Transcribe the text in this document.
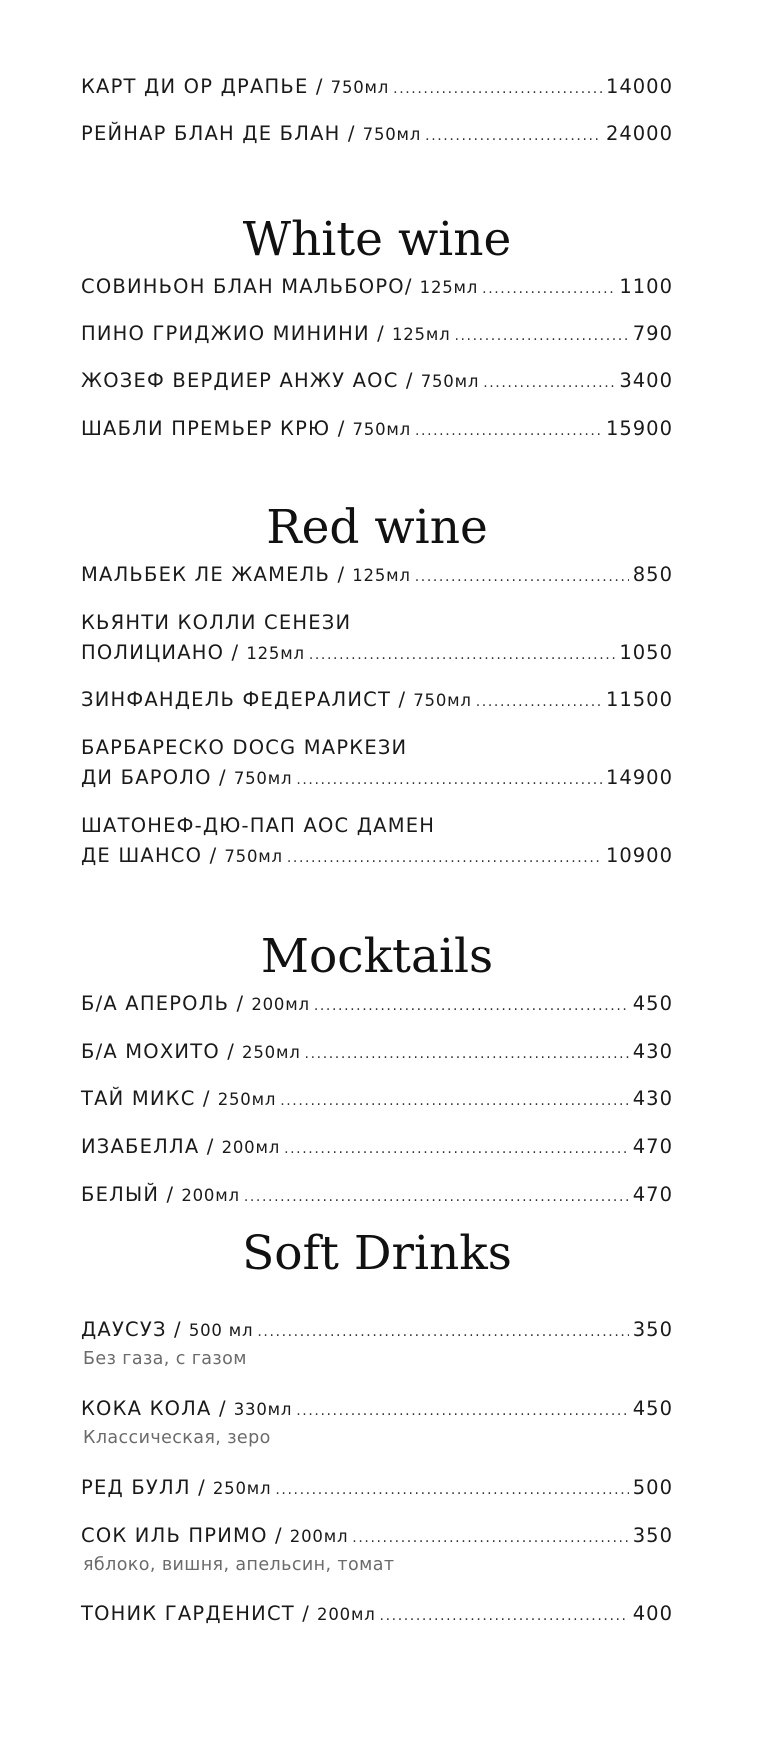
КАРТ ДИ ОР ДРАПЬЕ / 750мл .....	14000
РЕЙНАР БЛАН ДЕ БЛАН / 750мл .....	24000
White wine
СОВИНЬОН БЛАН МАЛЬБОРО/ 125мл .....	1100
ПИНО ГРИДЖИО МИНИНИ / 125мл .....	790
ЖОЗЕФ ВЕРДИЕР АНЖУ АОС / 750мл .....	3400
ШАБЛИ ПРЕМЬЕР КРЮ / 750мл .....	15900
Red wine
МАЛЬБЕК ЛЕ ЖАМЕЛЬ / 125мл .....	850
КЬЯНТИ КОЛЛИ СЕНЕЗИ
ПОЛИЦИАНО / 125мл .....	1050
ЗИНФАНДЕЛЬ ФЕДЕРАЛИСТ / 750мл .....	11500
БАРБАРЕСКО DOCG МАРКЕЗИ
ДИ БАРОЛО / 750мл .....	14900
ШАТОНЕФ-ДЮ-ПАП АОС ДАМЕН
ДЕ ШАНСО / 750мл .....	10900
Mocktails
Б/А АПЕРОЛЬ / 200мл .....	450
Б/А МОХИТО / 250мл .....	430
ТАЙ МИКС / 250мл .....	430
ИЗАБЕЛЛА / 200мл .....	470
БЕЛЫЙ / 200мл .....	470
Soft Drinks
ДАУСУЗ / 500 мл .....	350
Без газа, с газом
КОКА КОЛА / 330мл .....	450
Классическая, зеро
РЕД БУЛЛ / 250мл .....	500
СОК ИЛЬ ПРИМО / 200мл .....	350
яблоко, вишня, апельсин, томат
ТОНИК ГАРДЕНИСТ / 200мл .....	400
